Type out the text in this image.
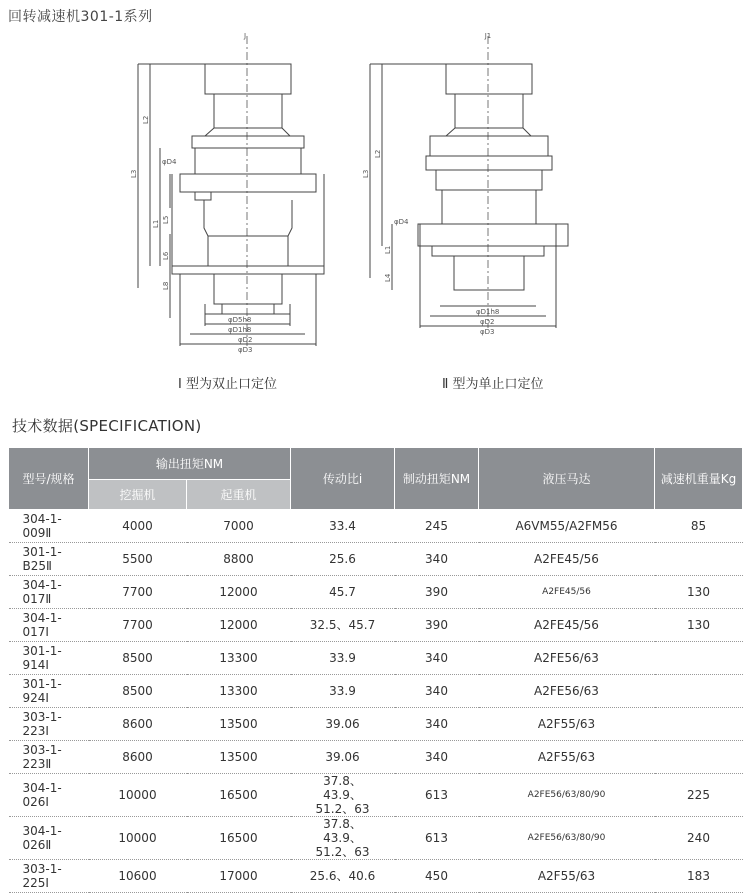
回转减速机301-1系列
J	J1
L2
L3
L1 L5
L6
L8
φD4
φD5h8
φD1h8
φD2
φD3
L2
L3
L1
L4
φD4
φD1h8
φD2
φD3
Ⅰ 型为双止口定位	Ⅱ 型为单止口定位
技术数据(SPECIFICATION)
型号/规格	输出扭矩NM		传动比i	制动扭矩NM	液压马达	减速机重量Kg
	挖掘机	起重机				

304-1-
009Ⅱ	4000	7000	33.4	245	A6VM55/A2FM56	85

301-1-
B25Ⅱ	5500	8800	25.6	340	A2FE45/56	

304-1-
017Ⅱ	7700	12000	45.7	390	A2FE45/56	130

304-1-
017Ⅰ	7700	12000	32.5、45.7	390	A2FE45/56	130

301-1-
914Ⅰ	8500	13300	33.9	340	A2FE56/63	

301-1-
924Ⅰ	8500	13300	33.9	340	A2FE56/63	

303-1-
223Ⅰ	8600	13500	39.06	340	A2F55/63	

303-1-
223Ⅱ	8600	13500	39.06	340	A2F55/63	

304-1-
026Ⅰ	10000	16500	37.8、43.9、51.2、63	613	A2FE56/63/80/90	225

304-1-
026Ⅱ	10000	16500	37.8、43.9、51.2、63	613	A2FE56/63/80/90	240

303-1-
225Ⅰ	10600	17000	25.6、40.6	450	A2F55/63	183
